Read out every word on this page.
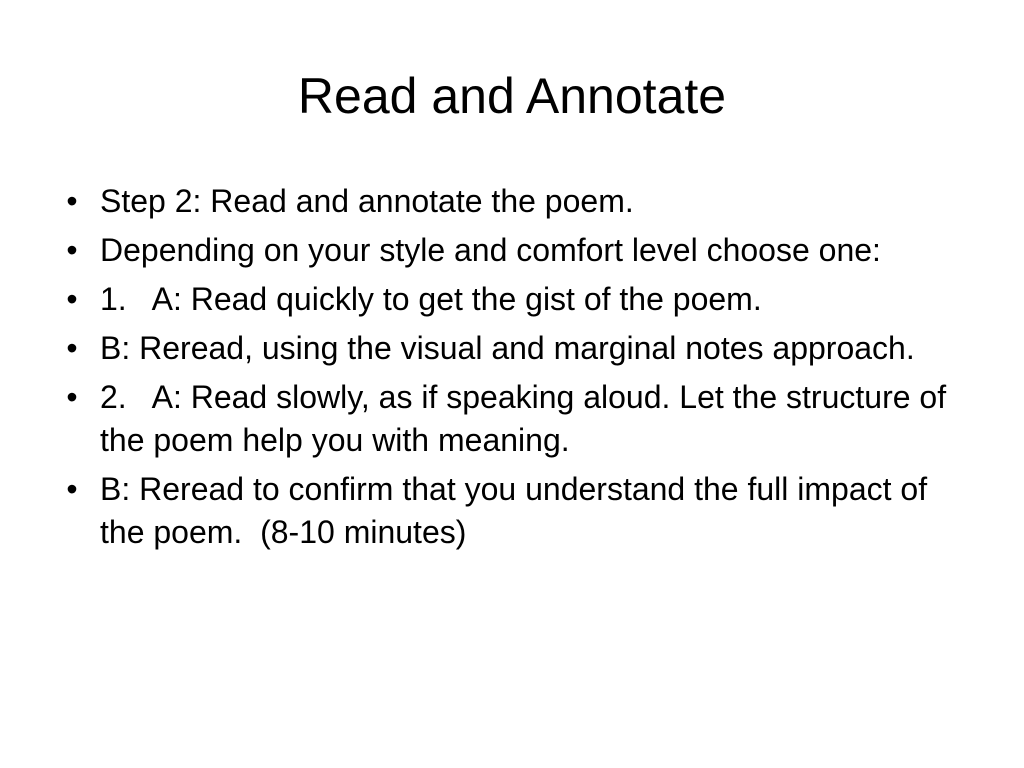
Read and Annotate
• Step 2: Read and annotate the poem.
• Depending on your style and comfort level choose one:
• 1.   A: Read quickly to get the gist of the poem.
• B: Reread, using the visual and marginal notes approach.
• 2.   A: Read slowly, as if speaking aloud. Let the structure of the poem help you with meaning.
• B: Reread to confirm that you understand the full impact of the poem.  (8-10 minutes)
